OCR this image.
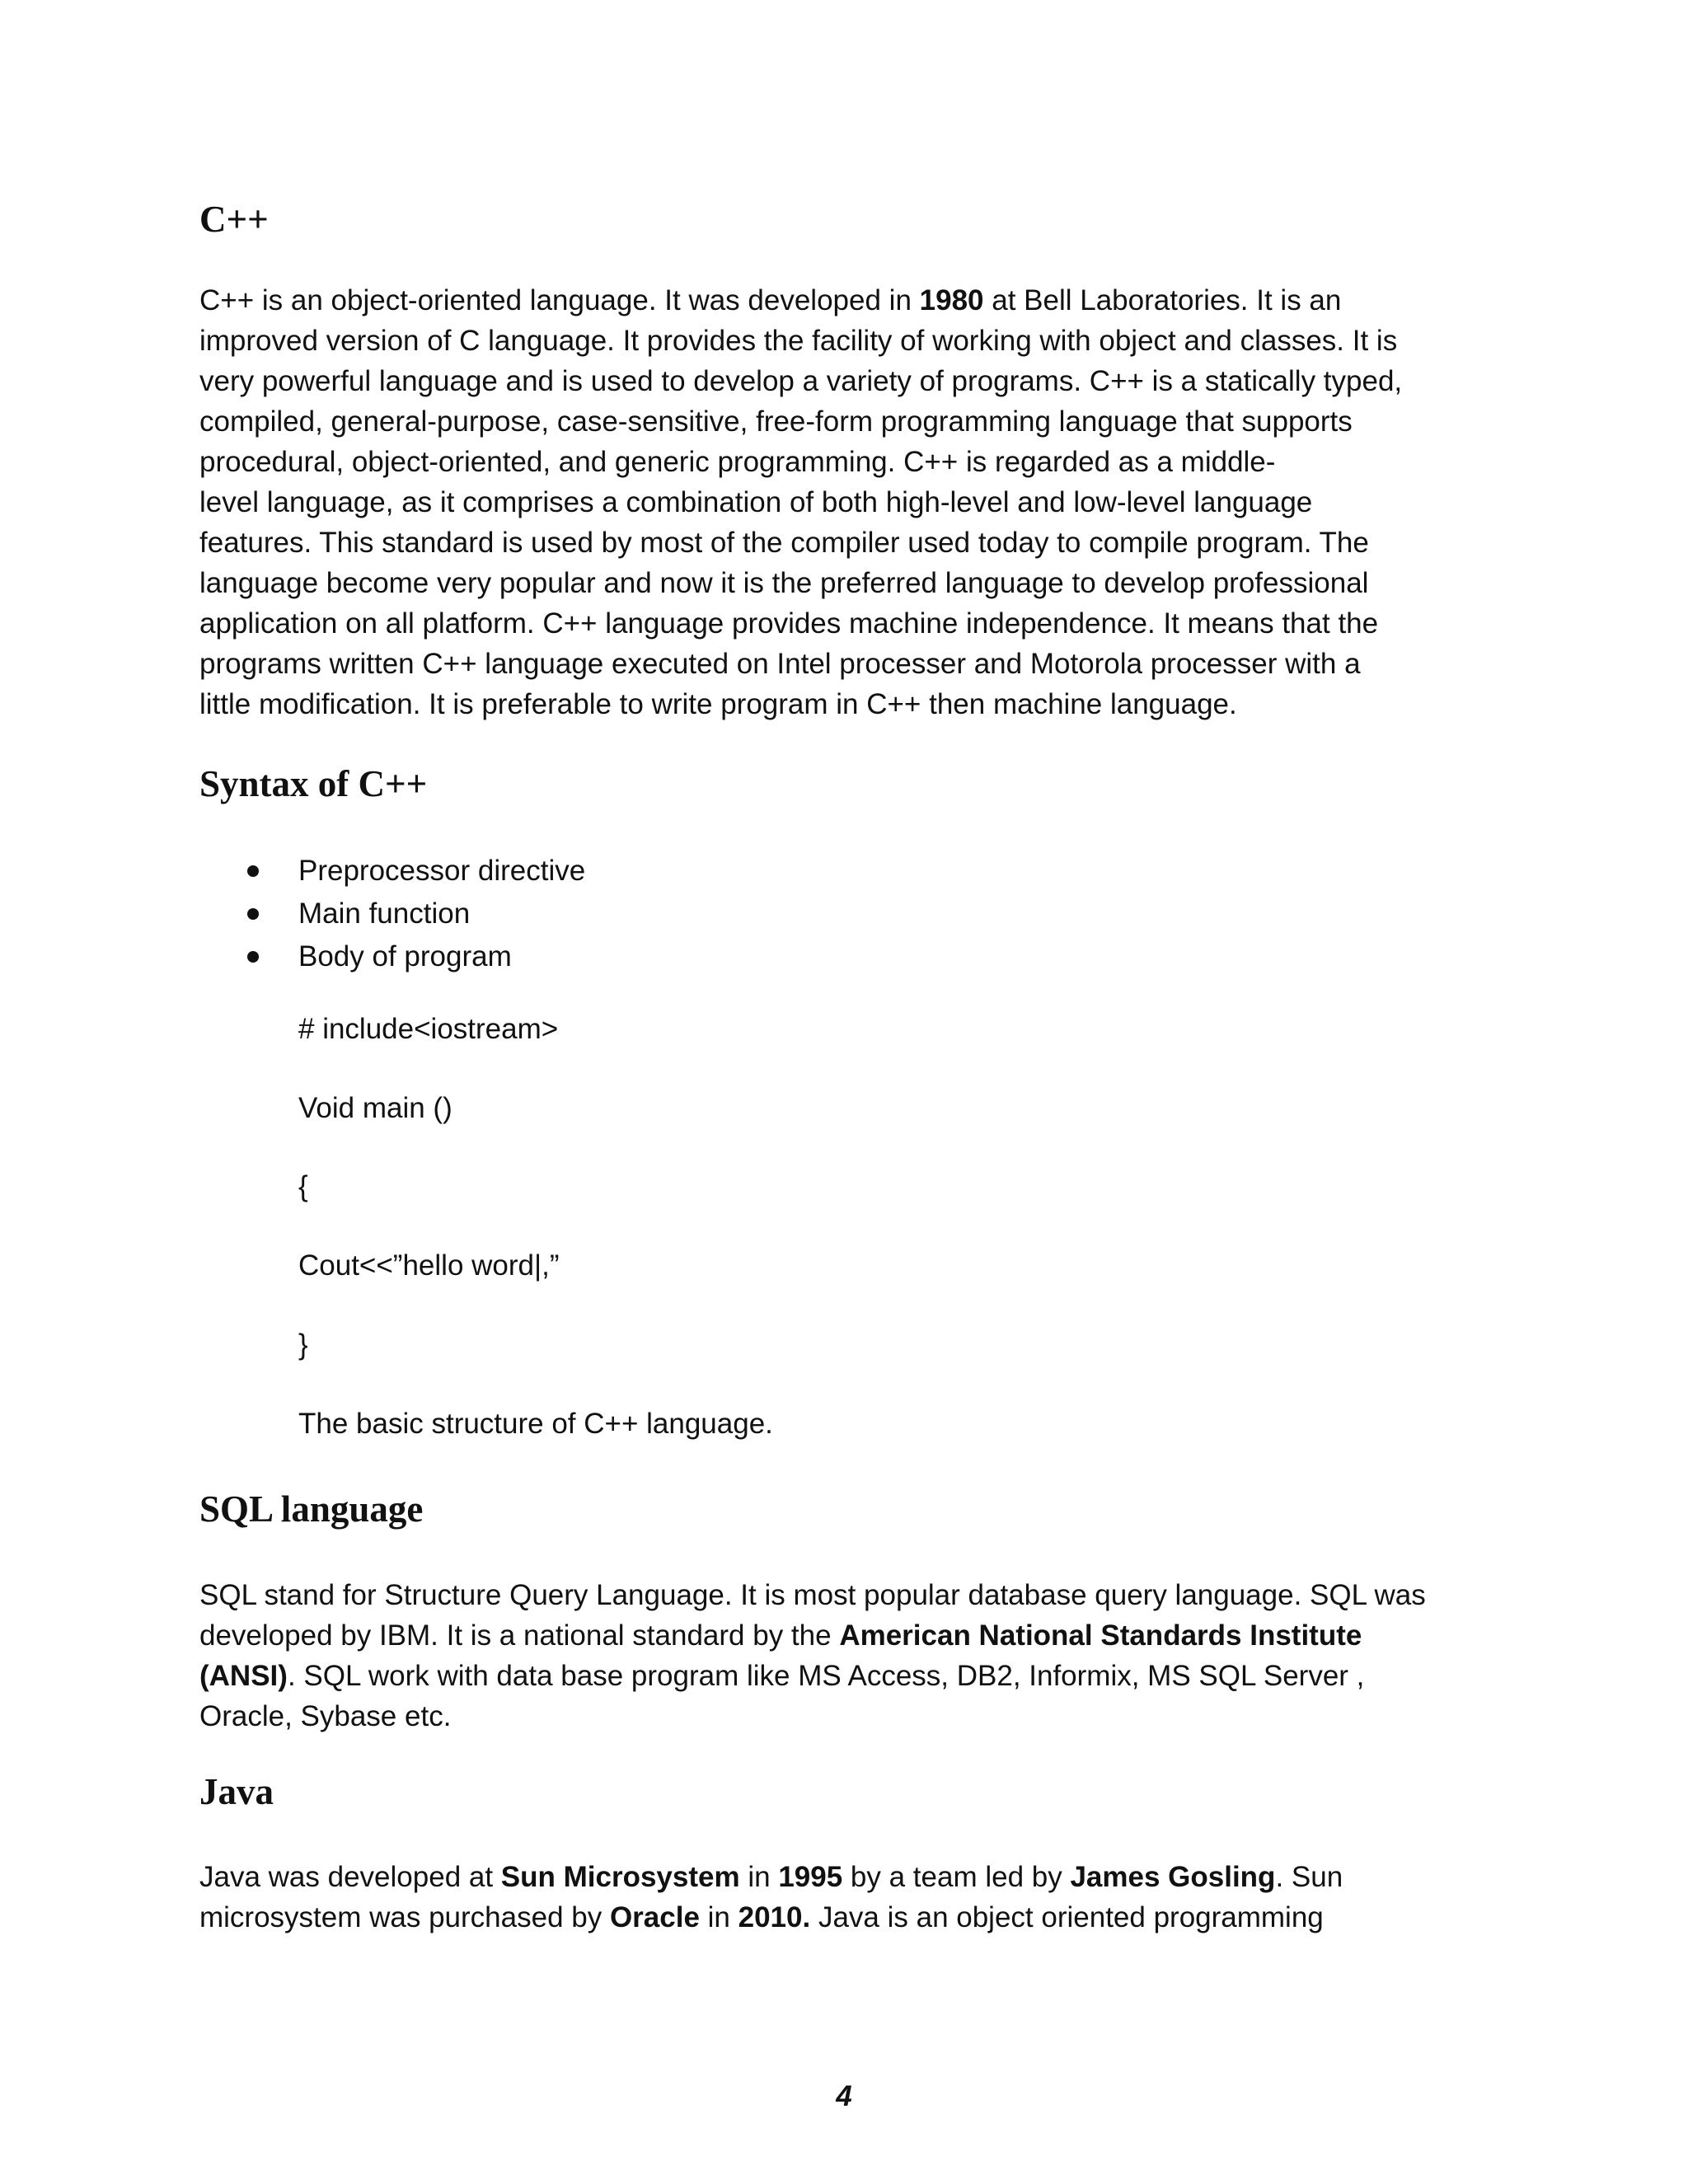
C++
C++ is an object-oriented language. It was developed in 1980 at Bell Laboratories. It is an
improved version of C language. It provides the facility of working with object and classes. It is
very powerful language and is used to develop a variety of programs. C++ is a statically typed,
compiled, general-purpose, case-sensitive, free-form programming language that supports
procedural, object-oriented, and generic programming. C++ is regarded as a middle-
level language, as it comprises a combination of both high-level and low-level language
features. This standard is used by most of the compiler used today to compile program. The
language become very popular and now it is the preferred language to develop professional
application on all platform. C++ language provides machine independence. It means that the
programs written C++ language executed on Intel processer and Motorola processer with a
little modification. It is preferable to write program in C++ then machine language.
Syntax of C++
Preprocessor directive
Main function
Body of program
# include<iostream>
Void main ()
{
Cout<<”hello word|,”
}
The basic structure of C++ language.
SQL language
SQL stand for Structure Query Language. It is most popular database query language. SQL was
developed by IBM. It is a national standard by the American National Standards Institute
(ANSI). SQL work with data base program like MS Access, DB2, Informix, MS SQL Server ,
Oracle, Sybase etc.
Java
Java was developed at Sun Microsystem in 1995 by a team led by James Gosling. Sun
microsystem was purchased by Oracle in 2010. Java is an object oriented programming
4
